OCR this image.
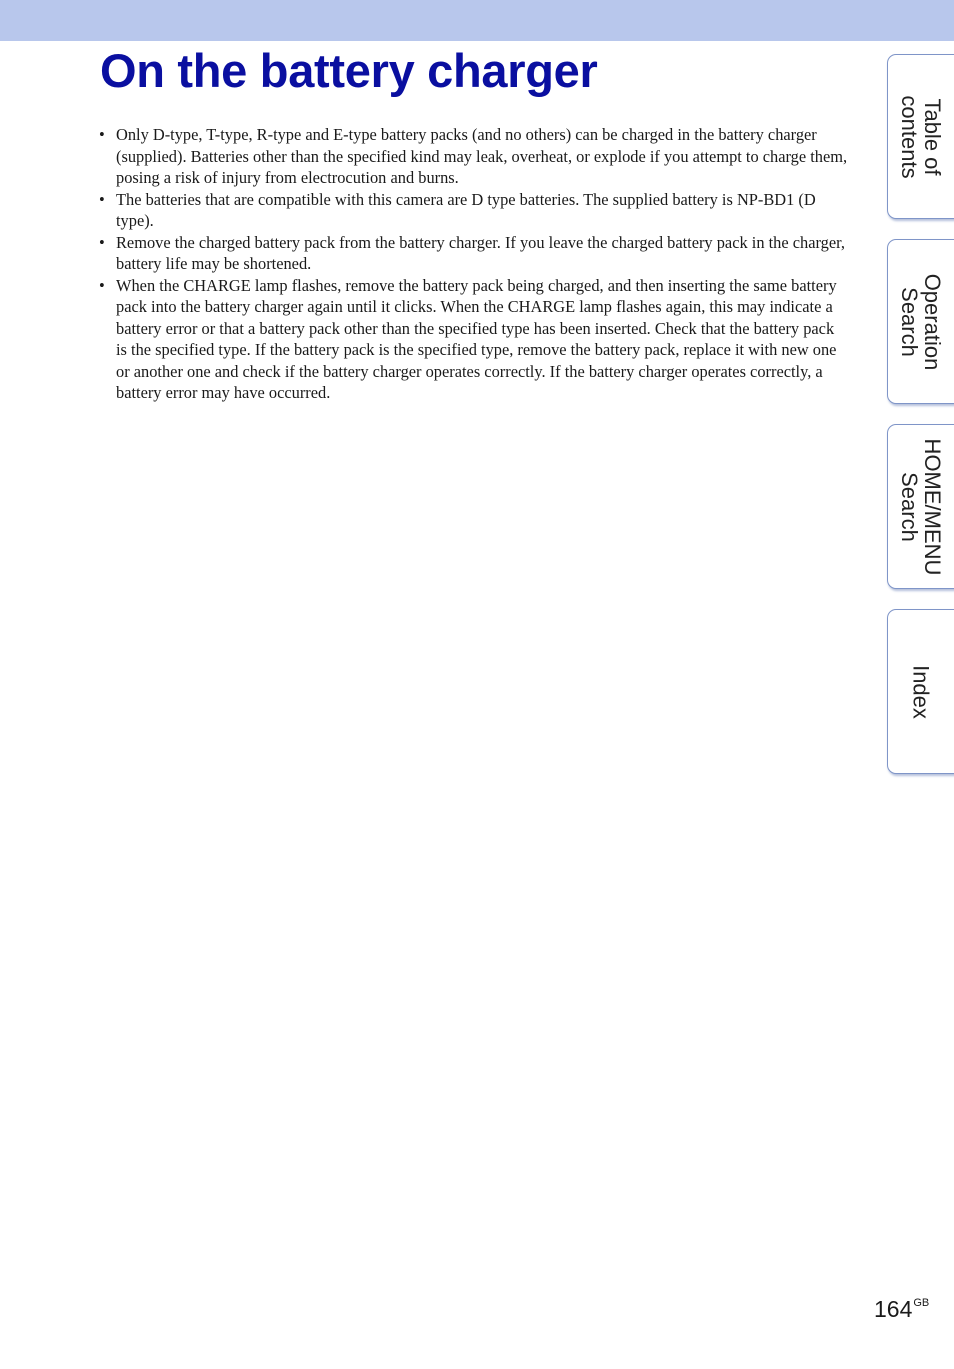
On the battery charger
• Only D-type, T-type, R-type and E-type battery packs (and no others) can be charged in the battery charger (supplied). Batteries other than the specified kind may leak, overheat, or explode if you attempt to charge them, posing a risk of injury from electrocution and burns.
• The batteries that are compatible with this camera are D type batteries. The supplied battery is NP-BD1 (D type).
• Remove the charged battery pack from the battery charger. If you leave the charged battery pack in the charger, battery life may be shortened.
• When the CHARGE lamp flashes, remove the battery pack being charged, and then inserting the same battery pack into the battery charger again until it clicks. When the CHARGE lamp flashes again, this may indicate a battery error or that a battery pack other than the specified type has been inserted. Check that the battery pack is the specified type. If the battery pack is the specified type, remove the battery pack, replace it with new one or another one and check if the battery charger operates correctly. If the battery charger operates correctly, a battery error may have occurred.
Table of
contents
Operation
Search
HOME/MENU
Search
Index
$164^{GB}$
